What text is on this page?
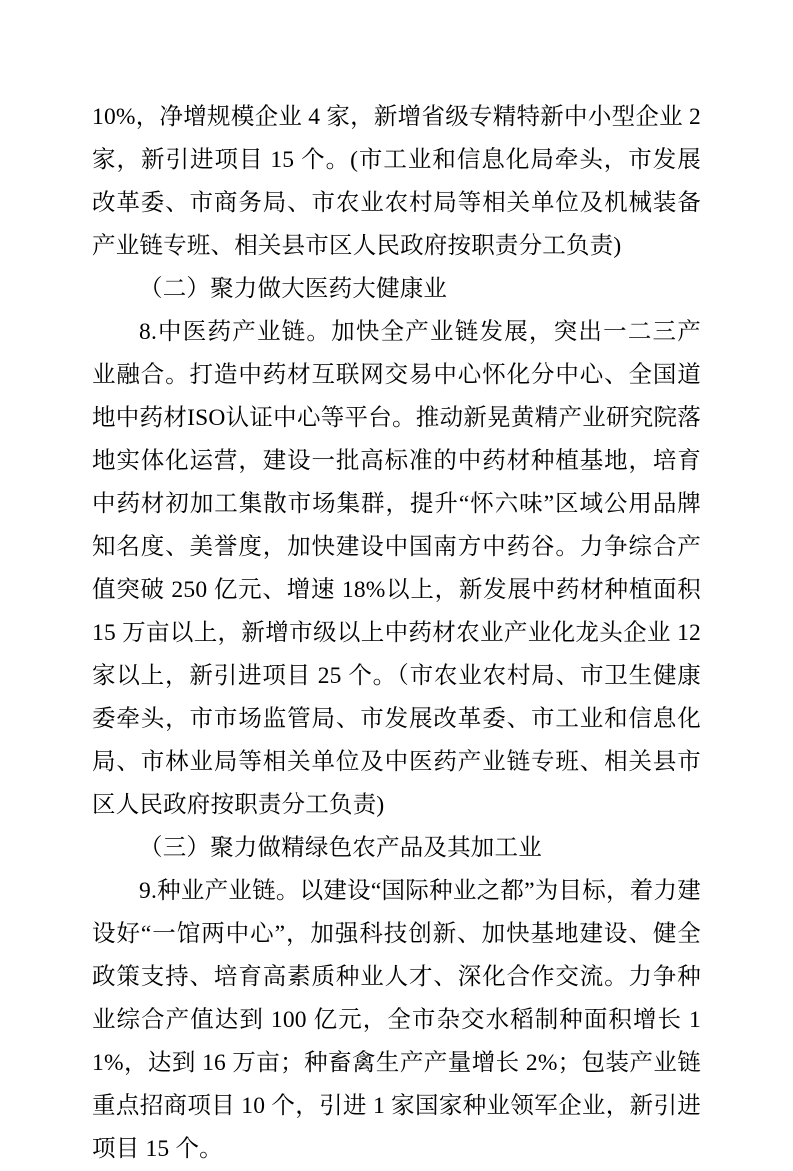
10%，净增规模企业 4 家，新增省级专精特新中小型企业 2 家，新引进项目 15 个。(市工业和信息化局牵头，市发展改革委、市商务局、市农业农村局等相关单位及机械装备产业链专班、相关县市区人民政府按职责分工负责)

（二）聚力做大医药大健康业

8.中医药产业链。加快全产业链发展，突出一二三产业融合。打造中药材互联网交易中心怀化分中心、全国道地中药材ISO认证中心等平台。推动新晃黄精产业研究院落地实体化运营，建设一批高标准的中药材种植基地，培育中药材初加工集散市场集群，提升“怀六味”区域公用品牌知名度、美誉度，加快建设中国南方中药谷。力争综合产值突破 250 亿元、增速 18%以上，新发展中药材种植面积 15 万亩以上，新增市级以上中药材农业产业化龙头企业 12 家以上，新引进项目 25 个。（市农业农村局、市卫生健康委牵头，市市场监管局、市发展改革委、市工业和信息化局、市林业局等相关单位及中医药产业链专班、相关县市区人民政府按职责分工负责)

（三）聚力做精绿色农产品及其加工业

9.种业产业链。以建设“国际种业之都”为目标，着力建设好“一馆两中心”，加强科技创新、加快基地建设、健全政策支持、培育高素质种业人才、深化合作交流。力争种业综合产值达到 100 亿元，全市杂交水稻制种面积增长 11%，达到 16 万亩；种畜禽生产产量增长 2%；包装产业链重点招商项目 10 个，引进 1 家国家种业领军企业，新引进项目 15 个。
